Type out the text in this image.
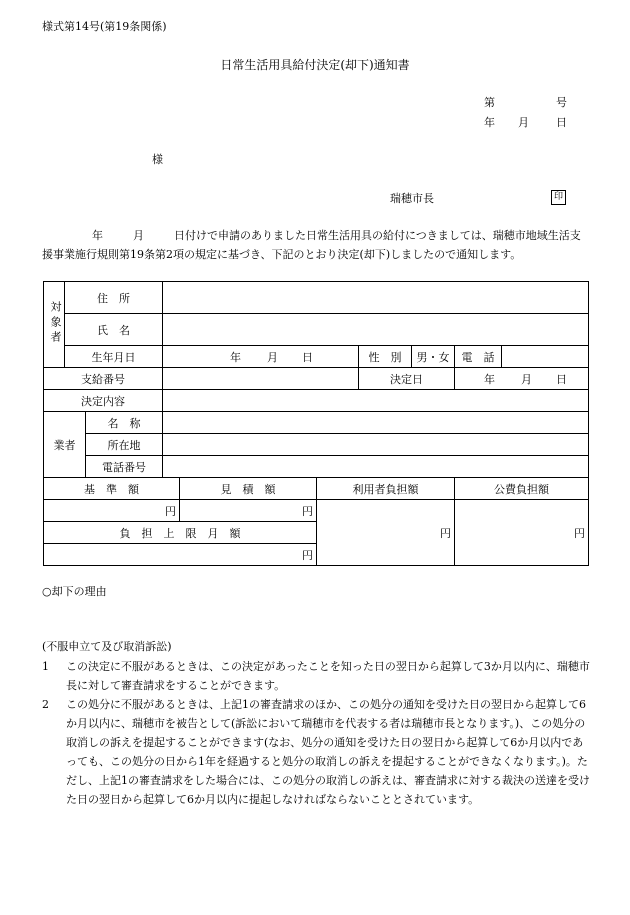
様式第14号(第19条関係)
日常生活用具給付決定(却下)通知書
第	号
年 月 日
様
瑞穂市長	印
年	月	日付けで申請のありました日常生活用具の給付につきましては、瑞穂市地域生活支援事業施行規則第19条第2項の規定に基づき、下記のとおり決定(却下)しましたので通知します。
対象者	住　所								
	氏　名								
	生年月日		年 月 日			性　別	男・女	電　話	
支給番号						決定日		年 月 日	
決定内容									
業者		名　称							
		所在地							
		電話番号							
基　準　額				見　積　額	利用者負担額			公費負担額	
円				円	円			円	
負　担　上　限　月　額									
円									
○却下の理由
(不服申立て及び取消訴訟)
1	この決定に不服があるときは、この決定があったことを知った日の翌日から起算して3か月以内に、瑞穂市長に対して審査請求をすることができます。
2	この処分に不服があるときは、上記1の審査請求のほか、この処分の通知を受けた日の翌日から起算して6か月以内に、瑞穂市を被告として(訴訟において瑞穂市を代表する者は瑞穂市長となります。)、この処分の取消しの訴えを提起することができます(なお、処分の通知を受けた日の翌日から起算して6か月以内であっても、この処分の日から1年を経過すると処分の取消しの訴えを提起することができなくなります。)。ただし、上記1の審査請求をした場合には、この処分の取消しの訴えは、審査請求に対する裁決の送達を受けた日の翌日から起算して6か月以内に提起しなければならないこととされています。
